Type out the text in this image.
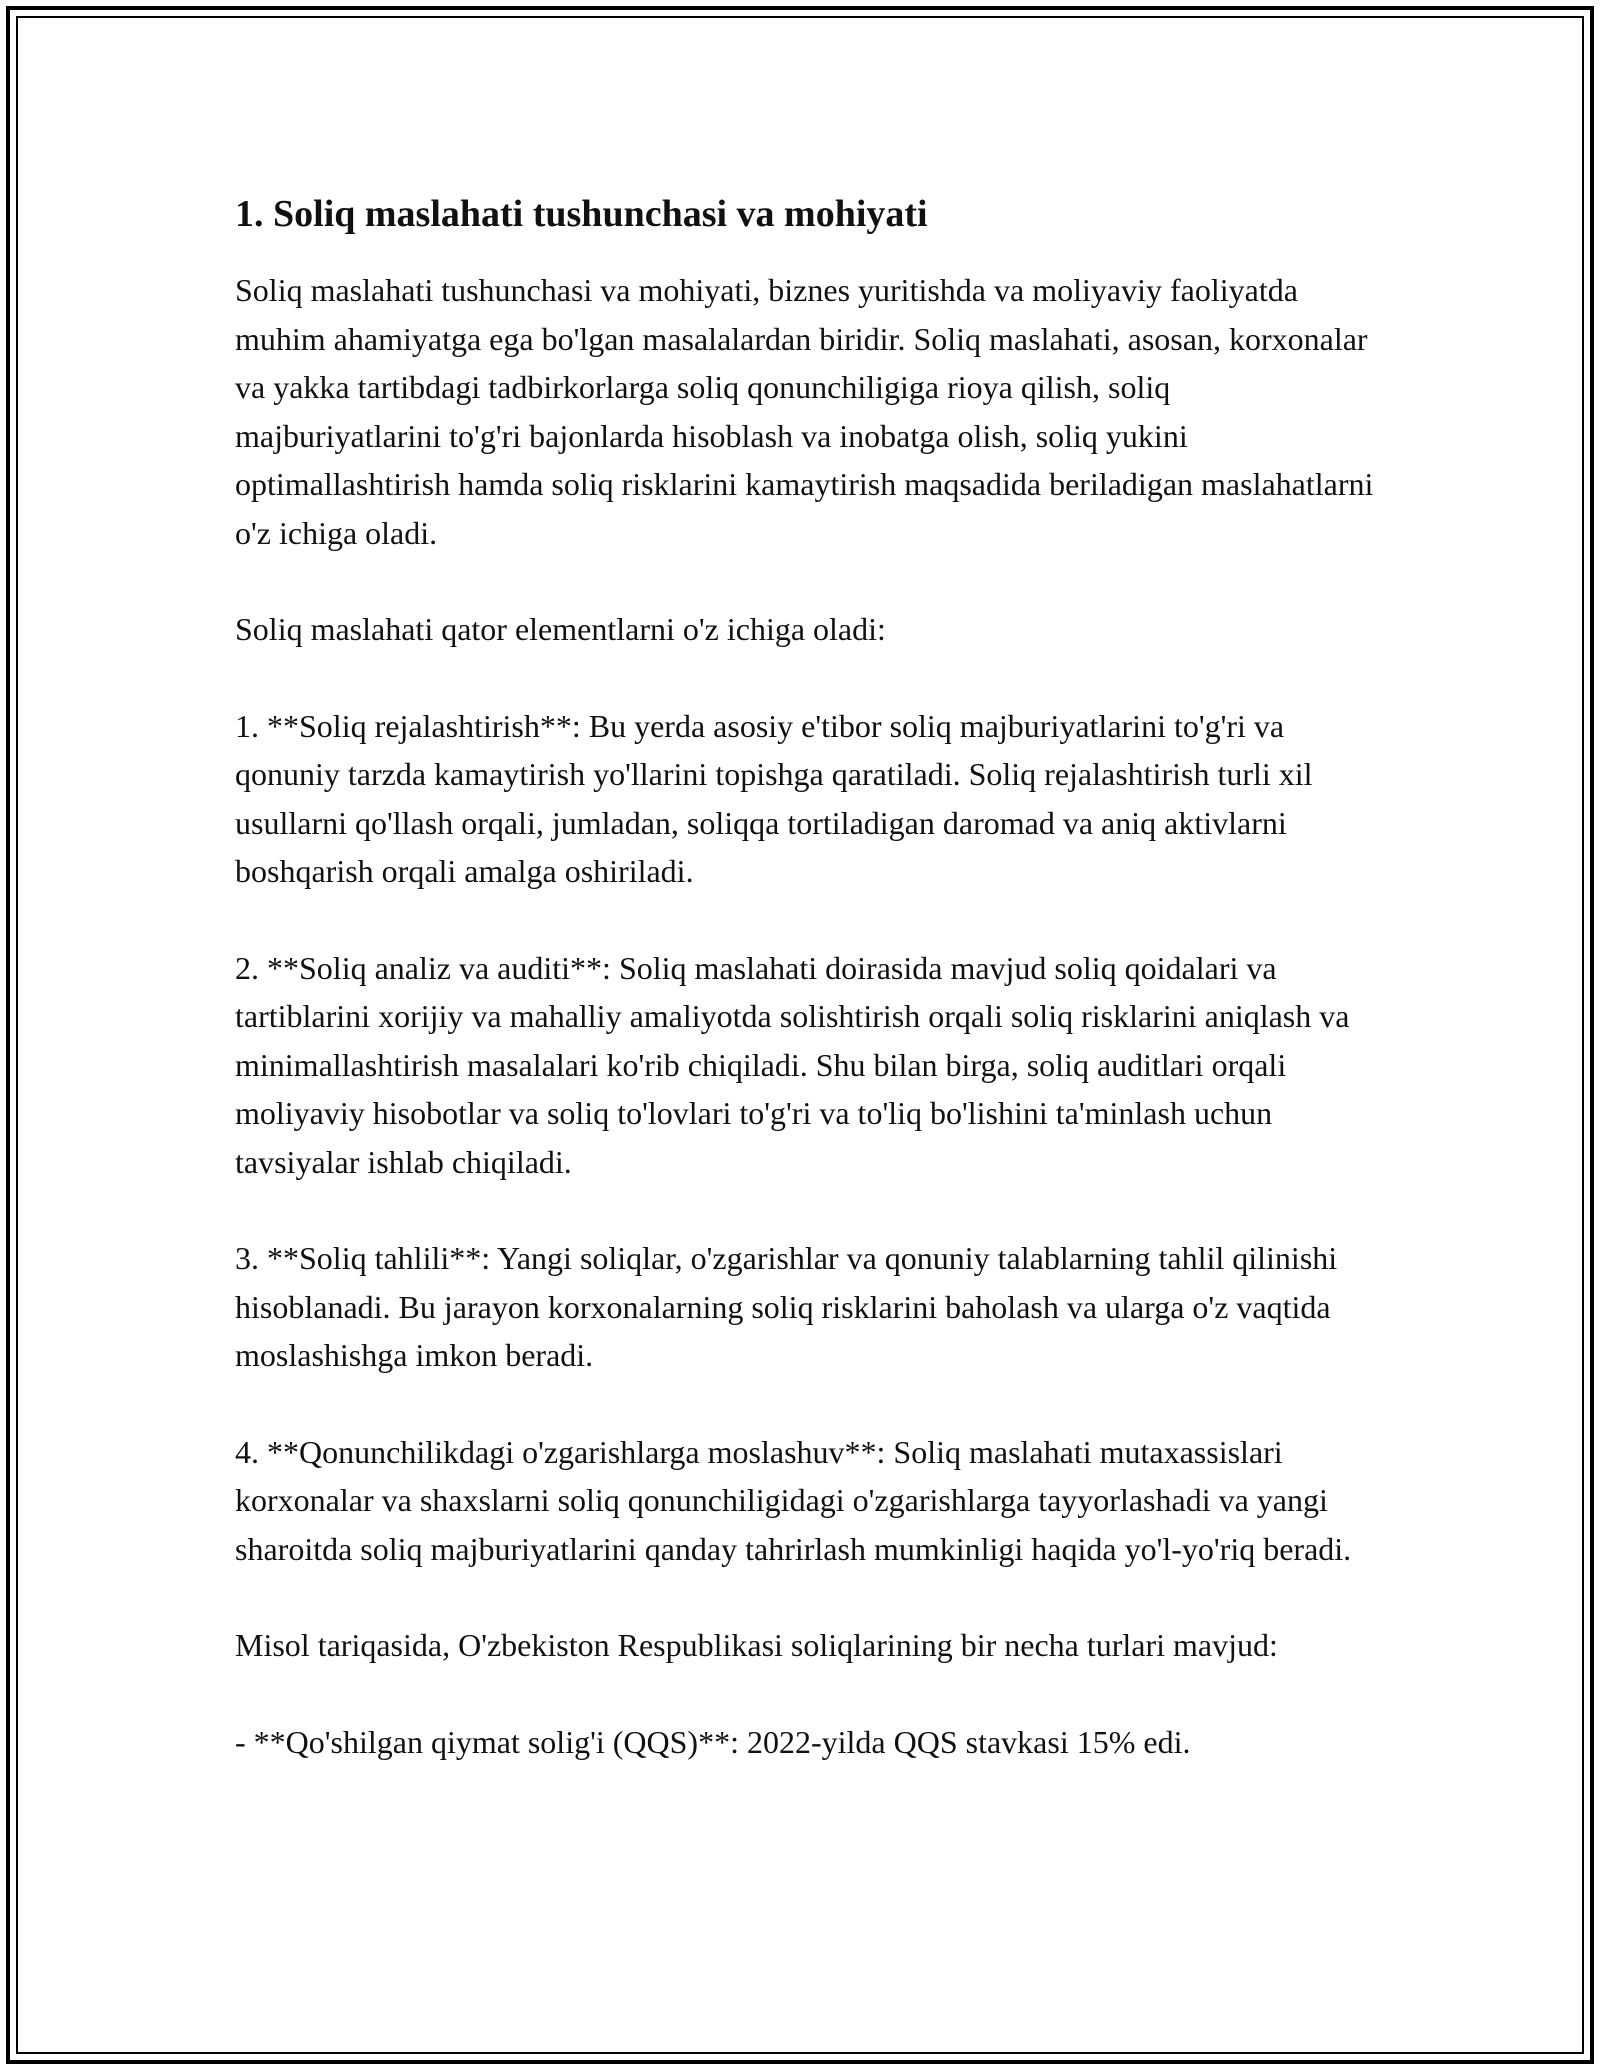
1. Soliq maslahati tushunchasi va mohiyati

Soliq maslahati tushunchasi va mohiyati, biznes yuritishda va moliyaviy faoliyatda muhim ahamiyatga ega bo'lgan masalalardan biridir. Soliq maslahati, asosan, korxonalar va yakka tartibdagi tadbirkorlarga soliq qonunchiligiga rioya qilish, soliq majburiyatlarini to'g'ri bajonlarda hisoblash va inobatga olish, soliq yukini optimallashtirish hamda soliq risklarini kamaytirish maqsadida beriladigan maslahatlarni o'z ichiga oladi.

Soliq maslahati qator elementlarni o'z ichiga oladi:

1. **Soliq rejalashtirish**: Bu yerda asosiy e'tibor soliq majburiyatlarini to'g'ri va qonuniy tarzda kamaytirish yo'llarini topishga qaratiladi. Soliq rejalashtirish turli xil usullarni qo'llash orqali, jumladan, soliqqa tortiladigan daromad va aniq aktivlarni boshqarish orqali amalga oshiriladi.

2. **Soliq analiz va auditi**: Soliq maslahati doirasida mavjud soliq qoidalari va tartiblarini xorijiy va mahalliy amaliyotda solishtirish orqali soliq risklarini aniqlash va minimallashtirish masalalari ko'rib chiqiladi. Shu bilan birga, soliq auditlari orqali moliyaviy hisobotlar va soliq to'lovlari to'g'ri va to'liq bo'lishini ta'minlash uchun tavsiyalar ishlab chiqiladi.

3. **Soliq tahlili**: Yangi soliqlar, o'zgarishlar va qonuniy talablarning tahlil qilinishi hisoblanadi. Bu jarayon korxonalarning soliq risklarini baholash va ularga o'z vaqtida moslashishga imkon beradi.

4. **Qonunchilikdagi o'zgarishlarga moslashuv**: Soliq maslahati mutaxassislari korxonalar va shaxslarni soliq qonunchiligidagi o'zgarishlarga tayyorlashadi va yangi sharoitda soliq majburiyatlarini qanday tahrirlash mumkinligi haqida yo'l-yo'riq beradi.

Misol tariqasida, O'zbekiston Respublikasi soliqlarining bir necha turlari mavjud:

- **Qo'shilgan qiymat solig'i (QQS)**: 2022-yilda QQS stavkasi 15% edi.
